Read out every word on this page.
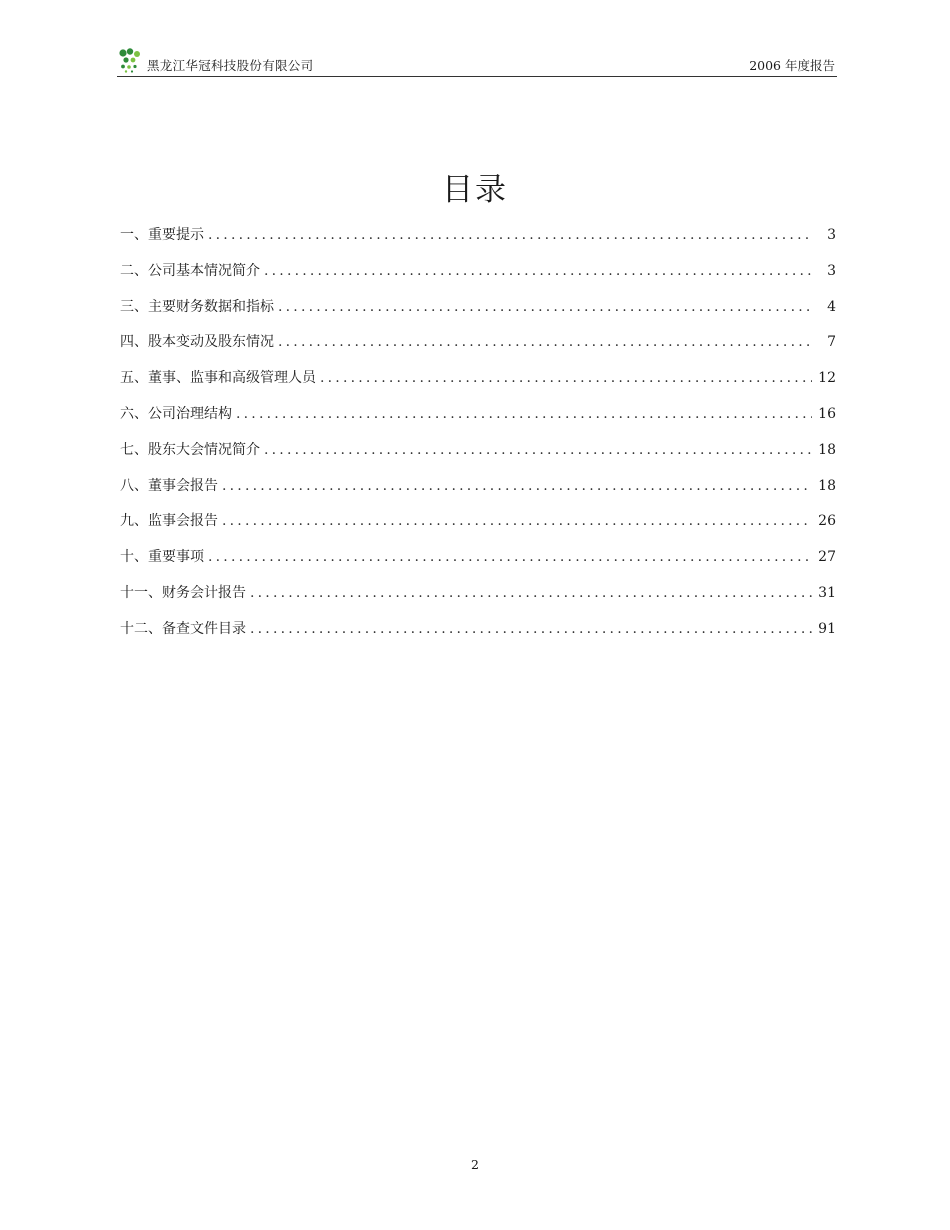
黑龙江华冠科技股份有限公司	2006 年度报告
目录
一、重要提示 .....	3
二、公司基本情况简介 .....	3
三、主要财务数据和指标 .....	4
四、股本变动及股东情况 .....	7
五、董事、监事和高级管理人员 .....	12
六、公司治理结构 .....	16
七、股东大会情况简介 .....	18
八、董事会报告 .....	18
九、监事会报告 .....	26
十、重要事项 .....	27
十一、财务会计报告 .....	31
十二、备查文件目录 .....	91
2
